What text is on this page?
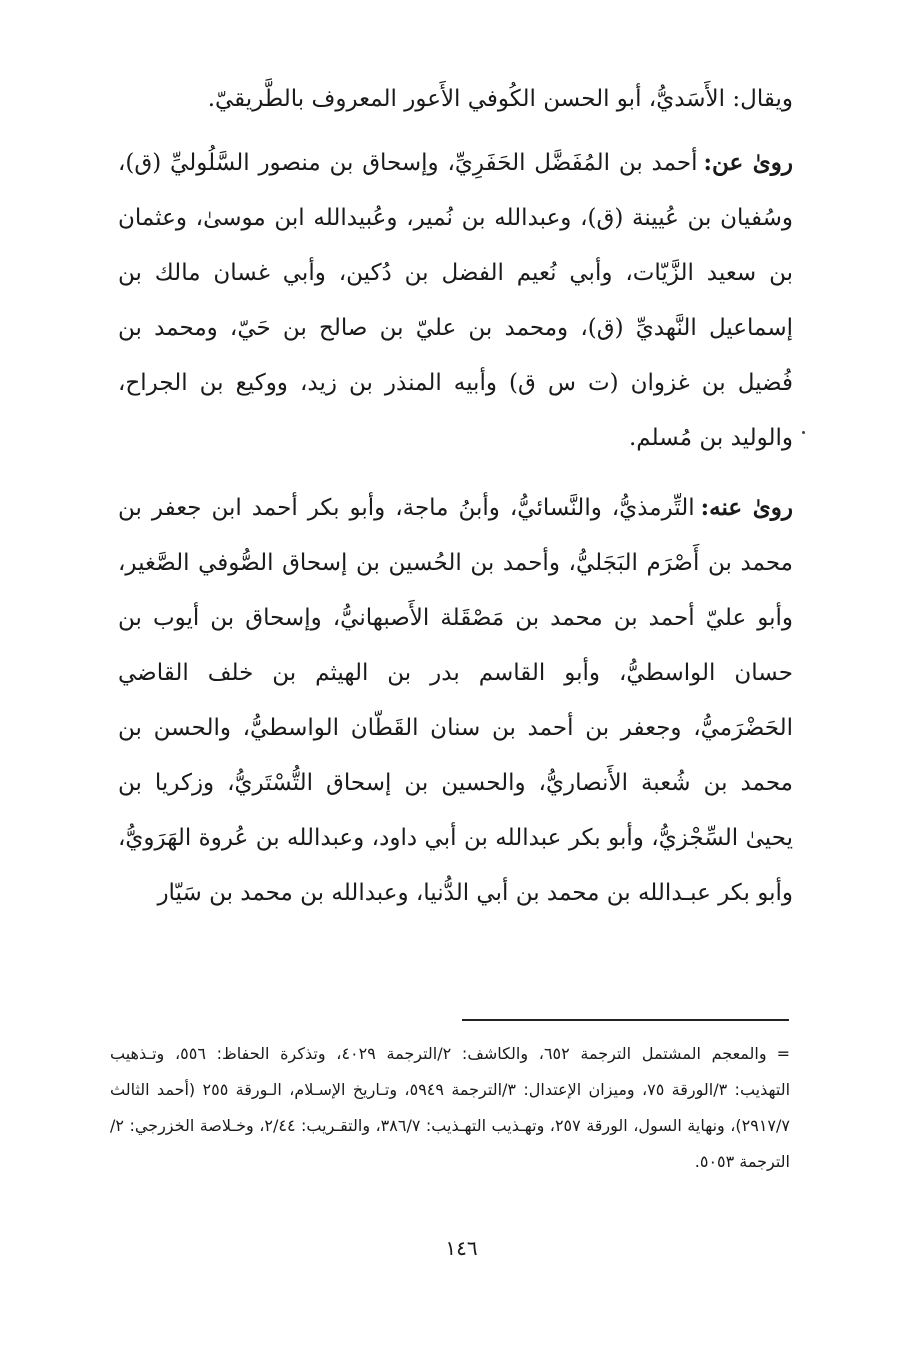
ويقال: الأَسَديُّ، أبو الحسن الكُوفي الأَعور المعروف بالطَّريقيّ.

روىٰ عن:أحمد بن المُفَضَّل الحَفَرِيِّ، وإسحاق بن منصور السَّلُوليِّ (ق)، وسُفيان بن عُيينة (ق)، وعبدالله بن نُمير، وعُبيدالله ابن موسىٰ، وعثمان بن سعيد الزَّيّات، وأبي نُعيم الفضل بن دُكين، وأبي غسان مالك بن إسماعيل النَّهديِّ (ق)، ومحمد بن عليّ بن صالح بن حَيّ، ومحمد بن فُضيل بن غزوان (ت س ق) وأبيه المنذر بن زيد، ووكيع بن الجراح، والوليد بن مُسلم.

روىٰ عنه:التِّرمذيُّ، والنَّسائيُّ، وأبنُ ماجة، وأبو بكر أحمد ابن جعفر بن محمد بن أَصْرَم البَجَليُّ، وأحمد بن الحُسين بن إسحاق الصُّوفي الصَّغير، وأبو عليّ أحمد بن محمد بن مَصْقَلة الأَصبهانيُّ، وإسحاق بن أيوب بن حسان الواسطيُّ، وأبو القاسم بدر بن الهيثم بن خلف القاضي الحَضْرَميُّ، وجعفر بن أحمد بن سنان القَطّان الواسطيُّ، والحسن بن محمد بن شُعبة الأَنصاريُّ، والحسين بن إسحاق التُّسْتَريُّ، وزكريا بن يحيىٰ السِّجْزيُّ، وأبو بكر عبدالله بن أبي داود، وعبدالله بن عُروة الهَرَويُّ، وأبو بكر عبـدالله بن محمد بن أبي الدُّنيا، وعبدالله بن محمد بن سَيّار

=والمعجم المشتمل الترجمة ٦٥٢، والكاشف: ٢/الترجمة ٤٠٢٩، وتذكرة الحفاظ: ٥٥٦، وتـذهيب التهذيب: ٣/الورقة ٧٥، وميزان الإعتدال: ٣/الترجمة ٥٩٤٩، وتـاريخ الإسـلام، الـورقة ٢٥٥ (أحمد الثالث ٢٩١٧/٧)، ونهاية السول، الورقة ٢٥٧، وتهـذيب التهـذيب: ٣٨٦/٧، والتقـريب: ٢/٤٤، وخـلاصة الخزرجي: ٢/الترجمة ٥٠٥٣.

١٤٦
